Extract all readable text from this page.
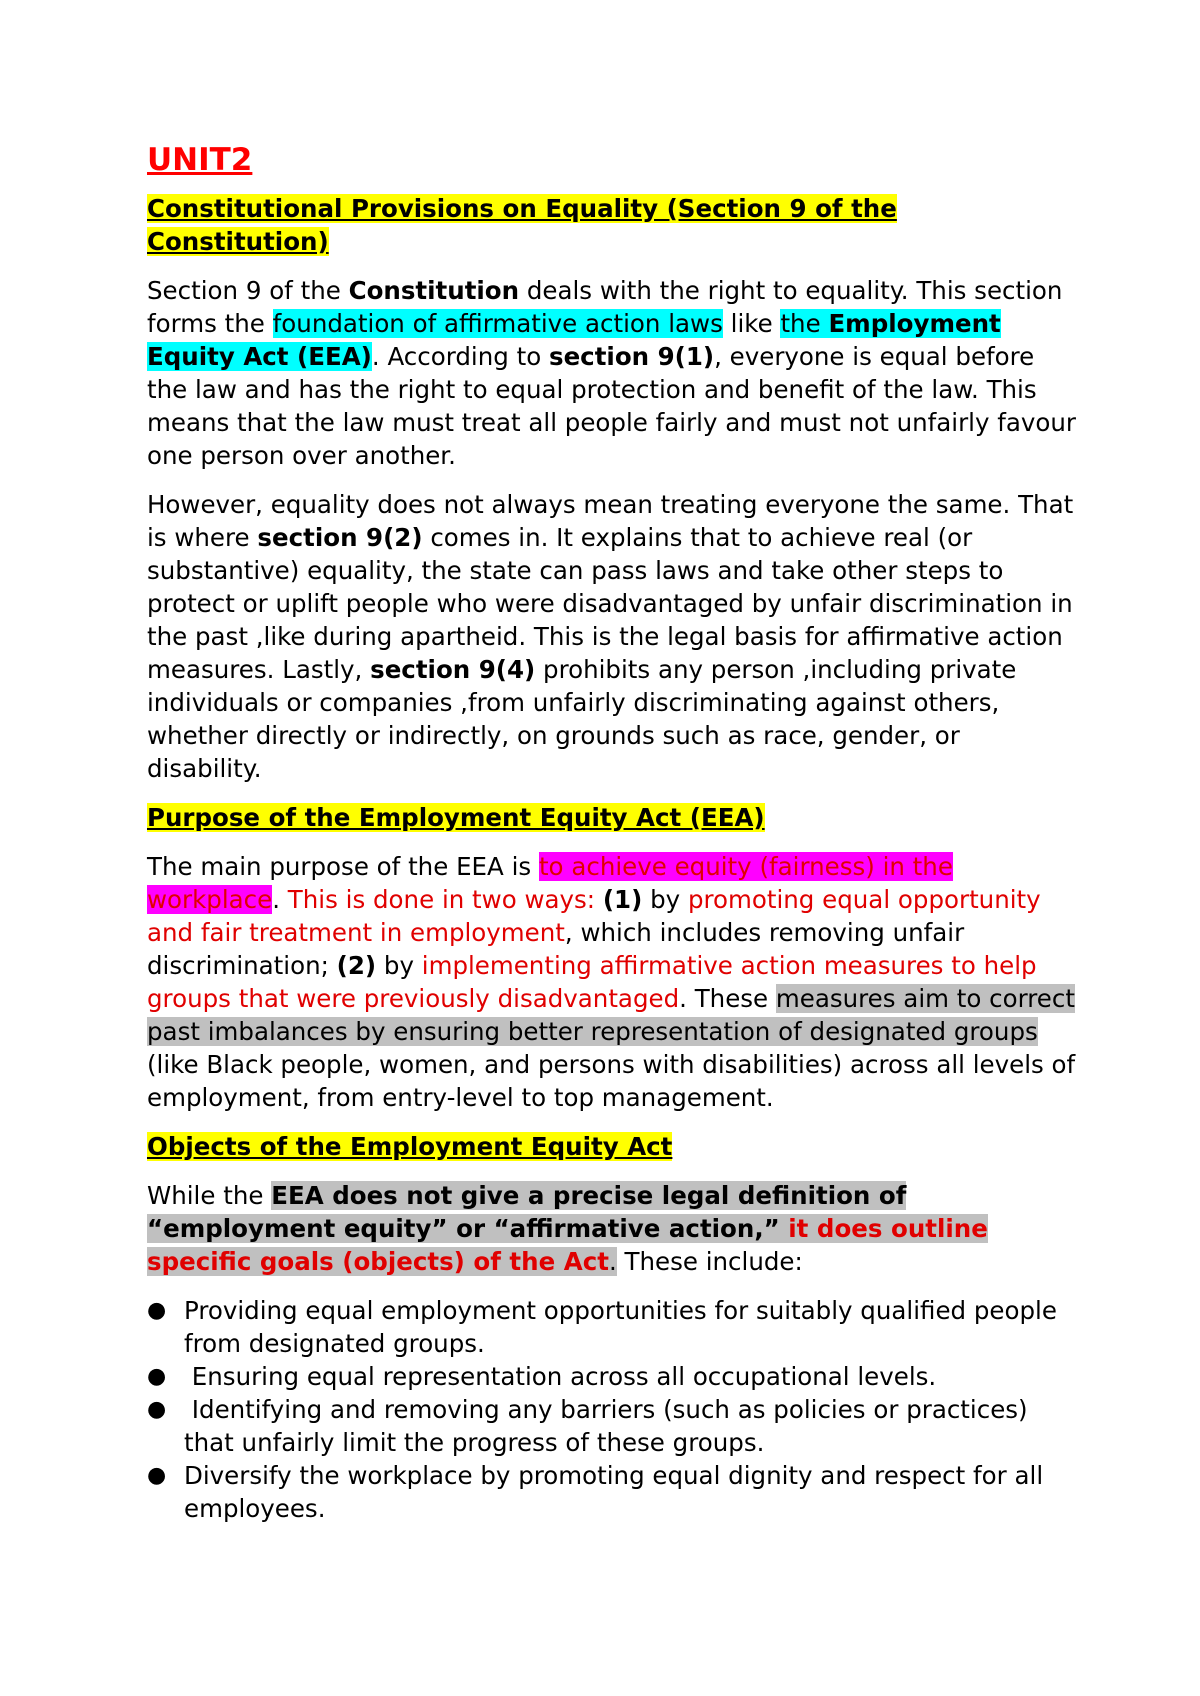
UNIT2
Constitutional Provisions on Equality (Section 9 of the
Constitution)

Section 9 of the Constitution deals with the right to equality. This section forms the foundation of affirmative action laws like the Employment Equity Act (EEA). According to section 9(1), everyone is equal before the law and has the right to equal protection and benefit of the law. This means that the law must treat all people fairly and must not unfairly favour one person over another.

However, equality does not always mean treating everyone the same. That is where section 9(2) comes in. It explains that to achieve real (or substantive) equality, the state can pass laws and take other steps to protect or uplift people who were disadvantaged by unfair discrimination in the past ,like during apartheid. This is the legal basis for affirmative action measures. Lastly, section 9(4) prohibits any person ,including private individuals or companies ,from unfairly discriminating against others, whether directly or indirectly, on grounds such as race, gender, or disability.

Purpose of the Employment Equity Act (EEA)

The main purpose of the EEA is to achieve equity (fairness) in the workplace. This is done in two ways: (1) by promoting equal opportunity and fair treatment in employment, which includes removing unfair discrimination; (2) by implementing affirmative action measures to help groups that were previously disadvantaged. These measures aim to correct past imbalances by ensuring better representation of designated groups (like Black people, women, and persons with disabilities) across all levels of employment, from entry-level to top management.

Objects of the Employment Equity Act

While the EEA does not give a precise legal definition of “employment equity” or “affirmative action,” it does outline specific goals (objects) of the Act. These include:

● Providing equal employment opportunities for suitably qualified people from designated groups.
● Ensuring equal representation across all occupational levels.
● Identifying and removing any barriers (such as policies or practices) that unfairly limit the progress of these groups.
● Diversify the workplace by promoting equal dignity and respect for all employees.
